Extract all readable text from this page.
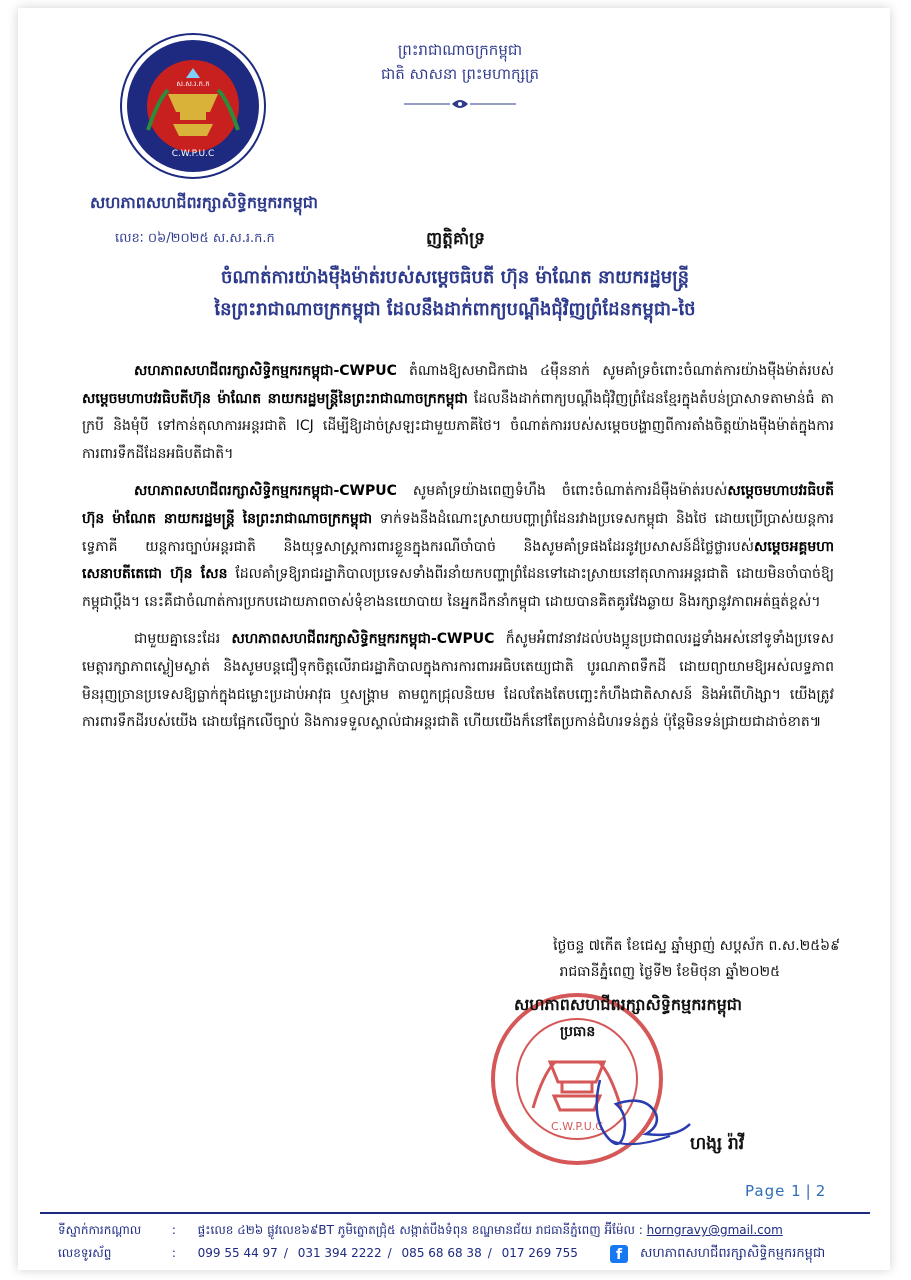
ស.ស.រ.ក.ក
C.W.P.U.C
សហភាពសហជីពរក្សាសិទ្ធិកម្មករកម្ពុជា
លេខៈ ០៦/២០២៥ ស.ស.រ.ក.ក
ព្រះរាជាណាចក្រកម្ពុជា
ជាតិ សាសនា ព្រះមហាក្សត្រ
ញត្តិគាំទ្រ
ចំណាត់ការយ៉ាងម៉ឺងម៉ាត់របស់សម្ដេចធិបតី ហ៊ុន ម៉ាណែត នាយករដ្ឋមន្ដ្រី
នៃព្រះរាជាណាចក្រកម្ពុជា ដែលនឹងដាក់ពាក្យបណ្ដឹងជុំវិញព្រំដែនកម្ពុជា-ថៃ

សហភាពសហជីពរក្សាសិទ្ធិកម្មករកម្ពុជា-CWPUC តំណាងឱ្យសមាជិកជាង ៤ម៉ឺននាក់ សូមគាំទ្រចំពោះចំណាត់ការយ៉ាងម៉ឺងម៉ាត់របស់សម្ដេចមហាបវរធិបតីហ៊ុន ម៉ាណែត នាយករដ្ឋមន្ដ្រីនៃព្រះរាជាណាចក្រកម្ពុជា ដែលនឹងដាក់ពាក្យបណ្ដឹងជុំវិញព្រំដែនខ្មែរក្នុងតំបន់ប្រាសាទតាមាន់ធំ តាក្របី និងមុំបី ទៅកាន់តុលាការអន្ដរជាតិ ICJ ដើម្បីឱ្យដាច់ស្រឡះជាមួយភាគីថៃ។ ចំណាត់ការរបស់សម្ដេចបង្ហាញពីការតាំងចិត្តយ៉ាងម៉ឺងម៉ាត់ក្នុងការការពារទឹកដីដែនអធិបតីជាតិ។

សហភាពសហជីពរក្សាសិទ្ធិកម្មករកម្ពុជា-CWPUC សូមគាំទ្រយ៉ាងពេញទំហឹង ចំពោះចំណាត់ការដ៏ម៉ឺងម៉ាត់របស់សម្ដេចមហាបវរធិបតី ហ៊ុន ម៉ាណែត នាយករដ្ឋមន្ដ្រី នៃព្រះរាជាណាចក្រកម្ពុជា ទាក់ទងនឹងដំណោះស្រាយបញ្ហាព្រំដែនរវាងប្រទេសកម្ពុជា និងថៃ ដោយប្រើប្រាស់យន្ដការទ្វេភាគី យន្ដការច្បាប់អន្ដរជាតិ និងយុទ្ធសាស្ដ្រការពារខ្លួនក្នុងករណីចាំបាច់ និងសូមគាំទ្រផងដែរនូវប្រសាសន៍ដ៏ថ្លៃថ្លារបស់សម្ដេចអគ្គមហាសេនាបតីតេជោ ហ៊ុន សែន ដែលគាំទ្រឱ្យរាជរដ្ឋាភិបាលប្រទេសទាំងពីរនាំយកបញ្ហាព្រំដែនទៅដោះស្រាយនៅតុលាការអន្ដរជាតិ ដោយមិនចាំបាច់ឱ្យកម្ពុជាប្ដឹង។ នេះគឺជាចំណាត់ការប្រកបដោយភាពចាស់ទុំខាងនយោបាយ នៃអ្នកដឹកនាំកម្ពុជា ដោយបានគិតគូរវែងឆ្ងាយ និងរក្សានូវភាពអត់ធ្មត់ខ្ពស់។

ជាមួយគ្នានេះដែរ សហភាពសហជីពរក្សាសិទ្ធិកម្មករកម្ពុជា-CWPUC ក៏សូមអំពាវនាវដល់បងប្អូនប្រជាពលរដ្ឋទាំងអស់នៅទូទាំងប្រទេស មេត្តារក្សាភាពស្ងៀមស្ងាត់ និងសូមបន្ដជឿទុកចិត្តលើរាជរដ្ឋាភិបាលក្នុងការការពារអធិបតេយ្យជាតិ បូរណភាពទឹកដី ដោយព្យាយាមឱ្យអស់លទ្ធភាព មិនរុញច្រានប្រទេសឱ្យធ្លាក់ក្នុងជម្លោះប្រដាប់អាវុធ ឬសង្គ្រាម តាមពួកជ្រុលនិយម ដែលតែងតែបញ្ឆេះកំហឹងជាតិសាសន៍ និងអំពើហិង្សា។ យើងត្រូវការពារទឹកដីរបស់យើង ដោយផ្អែកលើច្បាប់ និងការទទួលស្គាល់ជាអន្ដរជាតិ ហើយយើងក៏នៅតែប្រកាន់ជំហរទន់ភ្លន់ ប៉ុន្ដែមិនទន់ជ្រាយជាដាច់ខាត៕

ថ្ងៃចន្ទ ៧កើត ខែជេស្ឋ ឆ្នាំម្សាញ់ សប្ដស័ក ព.ស.២៥៦៩
រាជធានីភ្នំពេញ ថ្ងៃទី២ ខែមិថុនា ឆ្នាំ២០២៥
C.W.P.U.C
សហភាពសហជីពរក្សាសិទ្ធិកម្មករកម្ពុជា
ប្រធាន
ហង្ស រ៉ាវី
Page 1 | 2
ទីស្នាក់ការកណ្ដាល	: ផ្ទះលេខ ៤២៦ ផ្លូវលេខ៦៩BT ភូមិត្នោតជ្រុំ៥ សង្កាត់បឹងទំពុន ខណ្ឌមានជ័យ រាជធានីភ្នំពេញ អ៊ីម៉ែល : horngravy@gmail.com
លេខទូរស័ព្ទ	: 099 55 44 97 / 031 394 2222 / 085 68 68 38 / 017 269 755	f	សហភាពសហជីពរក្សាសិទ្ធិកម្មករកម្ពុជា
